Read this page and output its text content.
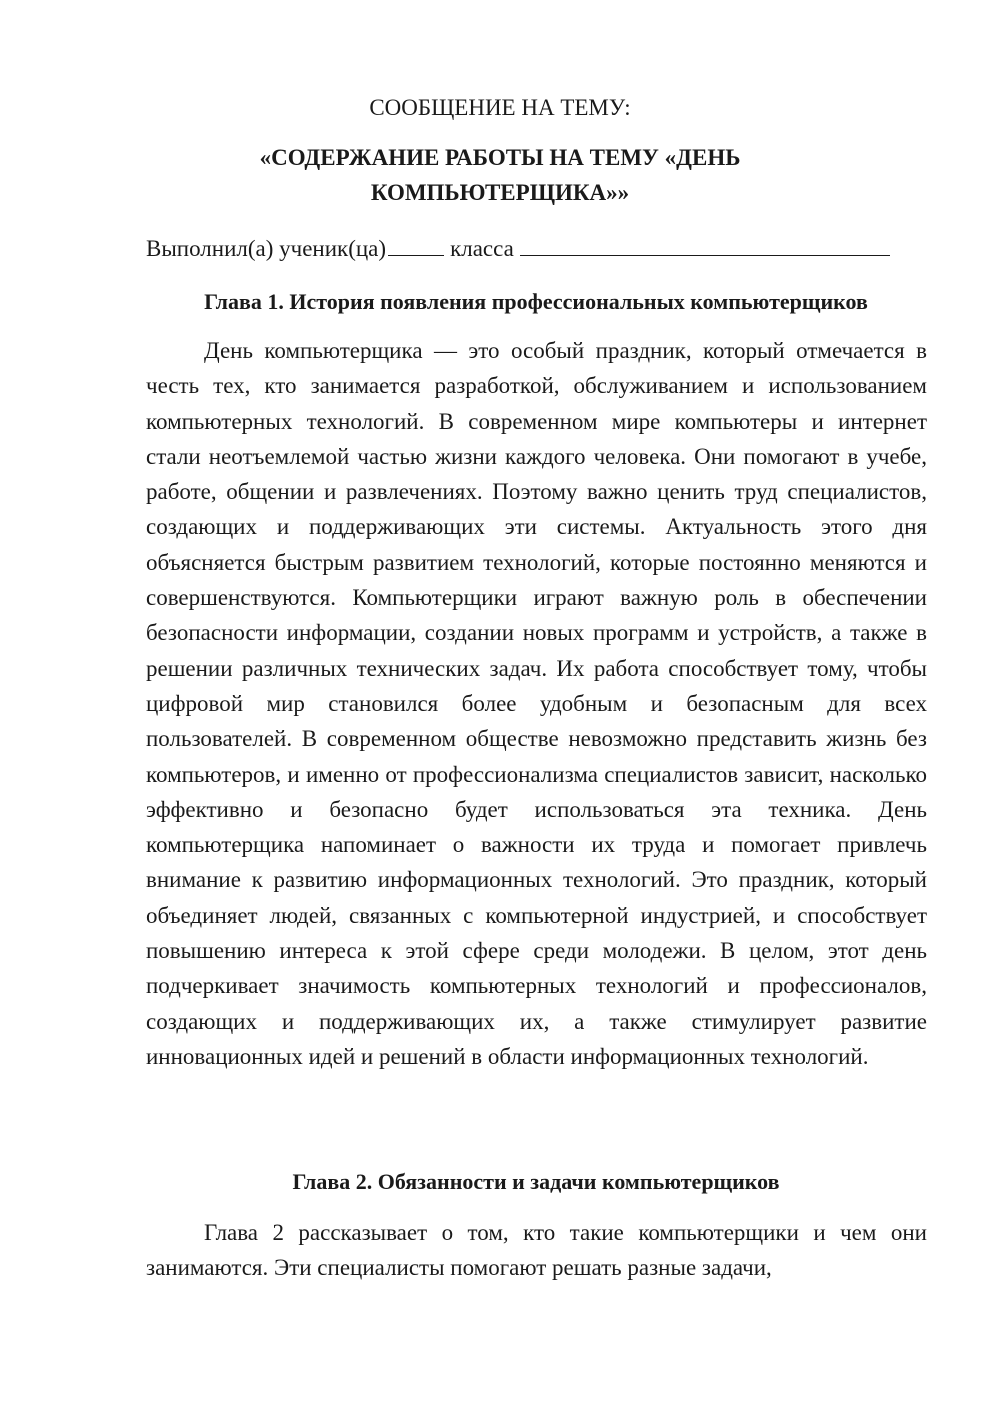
СООБЩЕНИЕ НА ТЕМУ:
«СОДЕРЖАНИЕ РАБОТЫ НА ТЕМУ «ДЕНЬ
КОМПЬЮТЕРЩИКА»»
Выполнил(а) ученик(ца)	класса
Глава 1. История появления профессиональных компьютерщиков

День компьютерщика — это особый праздник, который отмечается в честь тех, кто занимается разработкой, обслуживанием и использованием компьютерных технологий. В современном мире компьютеры и интернет стали неотъемлемой частью жизни каждого человека. Они помогают в учебе, работе, общении и развлечениях. Поэтому важно ценить труд специалистов, создающих и поддерживающих эти системы. Актуальность этого дня объясняется быстрым развитием технологий, которые постоянно меняются и совершенствуются. Компьютерщики играют важную роль в обеспечении безопасности информации, создании новых программ и устройств, а также в решении различных технических задач. Их работа способствует тому, чтобы цифровой мир становился более удобным и безопасным для всех пользователей. В современном обществе невозможно представить жизнь без компьютеров, и именно от профессионализма специалистов зависит, насколько эффективно и безопасно будет использоваться эта техника. День компьютерщика напоминает о важности их труда и помогает привлечь внимание к развитию информационных технологий. Это праздник, который объединяет людей, связанных с компьютерной индустрией, и способствует повышению интереса к этой сфере среди молодежи. В целом, этот день подчеркивает значимость компьютерных технологий и профессионалов, создающих и поддерживающих их, а также стимулирует развитие инновационных идей и решений в области информационных технологий.

Глава 2. Обязанности и задачи компьютерщиков

Глава 2 рассказывает о том, кто такие компьютерщики и чем они занимаются. Эти специалисты помогают решать разные задачи,
